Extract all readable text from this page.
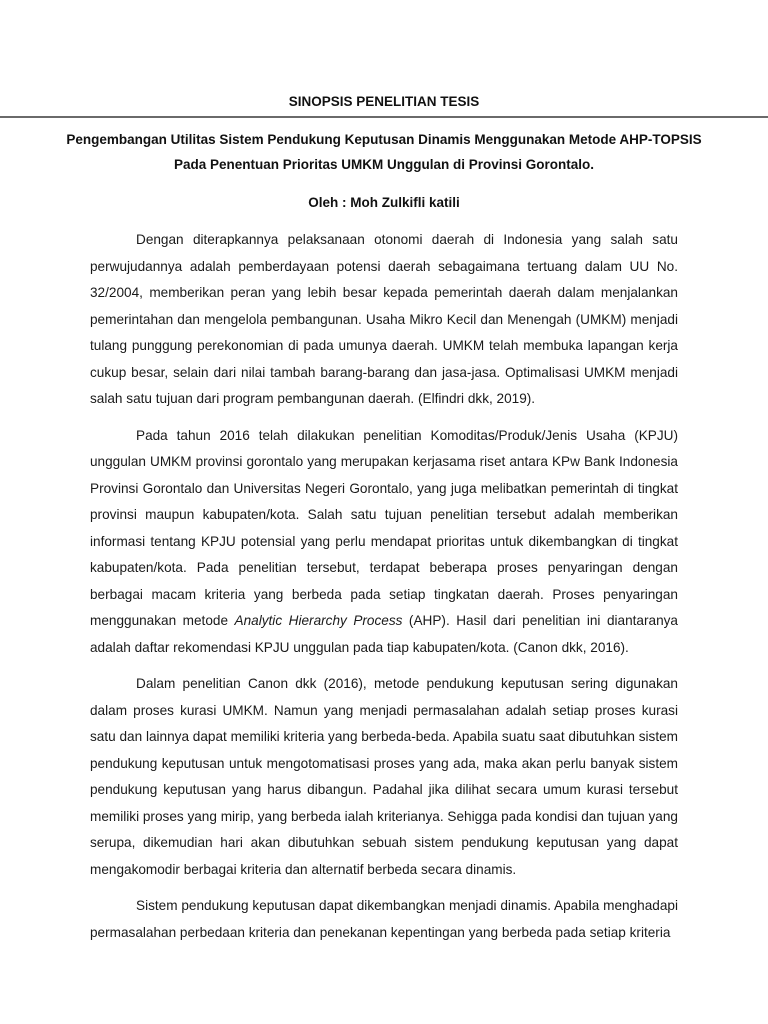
SINOPSIS PENELITIAN TESIS
Pengembangan Utilitas Sistem Pendukung Keputusan Dinamis Menggunakan Metode AHP-TOPSIS
Pada Penentuan Prioritas UMKM Unggulan di Provinsi Gorontalo.
Oleh : Moh Zulkifli katili

Dengan diterapkannya pelaksanaan otonomi daerah di Indonesia yang salah satu perwujudannya adalah pemberdayaan potensi daerah sebagaimana tertuang dalam UU No. 32/2004, memberikan peran yang lebih besar kepada pemerintah daerah dalam menjalankan pemerintahan dan mengelola pembangunan. Usaha Mikro Kecil dan Menengah (UMKM) menjadi tulang punggung perekonomian di pada umunya daerah. UMKM telah membuka lapangan kerja cukup besar, selain dari nilai tambah barang-barang dan jasa-jasa. Optimalisasi UMKM menjadi salah satu tujuan dari program pembangunan daerah. (Elfindri dkk, 2019).

Pada tahun 2016 telah dilakukan penelitian Komoditas/Produk/Jenis Usaha (KPJU) unggulan UMKM provinsi gorontalo yang merupakan kerjasama riset antara KPw Bank Indonesia Provinsi Gorontalo dan Universitas Negeri Gorontalo, yang juga melibatkan pemerintah di tingkat provinsi maupun kabupaten/kota. Salah satu tujuan penelitian tersebut adalah memberikan informasi tentang KPJU potensial yang perlu mendapat prioritas untuk dikembangkan di tingkat kabupaten/kota. Pada penelitian tersebut, terdapat beberapa proses penyaringan dengan berbagai macam kriteria yang berbeda pada setiap tingkatan daerah. Proses penyaringan menggunakan metode Analytic Hierarchy Process (AHP). Hasil dari penelitian ini diantaranya adalah daftar rekomendasi KPJU unggulan pada tiap kabupaten/kota. (Canon dkk, 2016).

Dalam penelitian Canon dkk (2016), metode pendukung keputusan sering digunakan dalam proses kurasi UMKM. Namun yang menjadi permasalahan adalah setiap proses kurasi satu dan lainnya dapat memiliki kriteria yang berbeda-beda. Apabila suatu saat dibutuhkan sistem pendukung keputusan untuk mengotomatisasi proses yang ada, maka akan perlu banyak sistem pendukung keputusan yang harus dibangun. Padahal jika dilihat secara umum kurasi tersebut memiliki proses yang mirip, yang berbeda ialah kriterianya. Sehigga pada kondisi dan tujuan yang serupa, dikemudian hari akan dibutuhkan sebuah sistem pendukung keputusan yang dapat mengakomodir berbagai kriteria dan alternatif berbeda secara dinamis.

Sistem pendukung keputusan dapat dikembangkan menjadi dinamis. Apabila menghadapi permasalahan perbedaan kriteria dan penekanan kepentingan yang berbeda pada setiap kriteria
